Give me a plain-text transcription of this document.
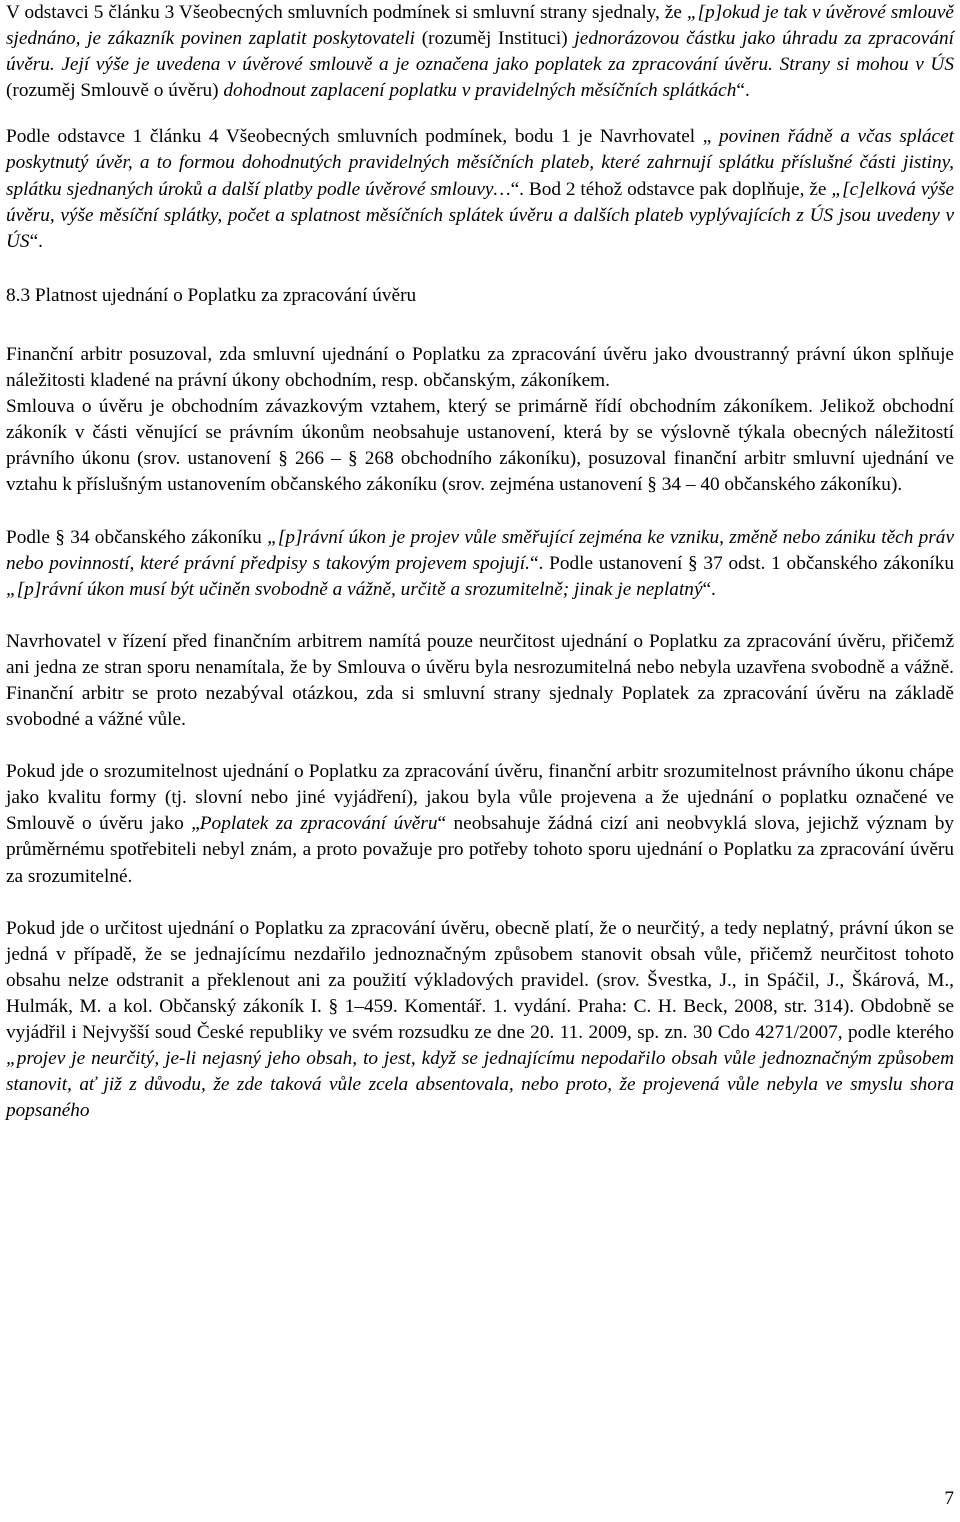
V odstavci 5 článku 3 Všeobecných smluvních podmínek si smluvní strany sjednaly, že „[p]okud je tak v úvěrové smlouvě sjednáno, je zákazník povinen zaplatit poskytovateli (rozuměj Instituci) jednorázovou částku jako úhradu za zpracování úvěru. Její výše je uvedena v úvěrové smlouvě a je označena jako poplatek za zpracování úvěru. Strany si mohou v ÚS (rozuměj Smlouvě o úvěru) dohodnout zaplacení poplatku v pravidelných měsíčních splátkách“.

Podle odstavce 1 článku 4 Všeobecných smluvních podmínek, bodu 1 je Navrhovatel „ povinen řádně a včas splácet poskytnutý úvěr, a to formou dohodnutých pravidelných měsíčních plateb, které zahrnují splátku příslušné části jistiny, splátku sjednaných úroků a další platby podle úvěrové smlouvy…“. Bod 2 téhož odstavce pak doplňuje, že „[c]elková výše úvěru, výše měsíční splátky, počet a splatnost měsíčních splátek úvěru a dalších plateb vyplývajících z ÚS jsou uvedeny v ÚS“.

8.3 Platnost ujednání o Poplatku za zpracování úvěru

Finanční arbitr posuzoval, zda smluvní ujednání o Poplatku za zpracování úvěru jako dvoustranný právní úkon splňuje náležitosti kladené na právní úkony obchodním, resp. občanským, zákoníkem.

Smlouva o úvěru je obchodním závazkovým vztahem, který se primárně řídí obchodním zákoníkem. Jelikož obchodní zákoník v části věnující se právním úkonům neobsahuje ustanovení, která by se výslovně týkala obecných náležitostí právního úkonu (srov. ustanovení § 266 – § 268 obchodního zákoníku), posuzoval finanční arbitr smluvní ujednání ve vztahu k příslušným ustanovením občanského zákoníku (srov. zejména ustanovení § 34 – 40 občanského zákoníku).

Podle § 34 občanského zákoníku „[p]rávní úkon je projev vůle směřující zejména ke vzniku, změně nebo zániku těch práv nebo povinností, které právní předpisy s takovým projevem spojují.“. Podle ustanovení § 37 odst. 1 občanského zákoníku „[p]rávní úkon musí být učiněn svobodně a vážně, určitě a srozumitelně; jinak je neplatný“.

Navrhovatel v řízení před finančním arbitrem namítá pouze neurčitost ujednání o Poplatku za zpracování úvěru, přičemž ani jedna ze stran sporu nenamítala, že by Smlouva o úvěru byla nesrozumitelná nebo nebyla uzavřena svobodně a vážně. Finanční arbitr se proto nezabýval otázkou, zda si smluvní strany sjednaly Poplatek za zpracování úvěru na základě svobodné a vážné vůle.

Pokud jde o srozumitelnost ujednání o Poplatku za zpracování úvěru, finanční arbitr srozumitelnost právního úkonu chápe jako kvalitu formy (tj. slovní nebo jiné vyjádření), jakou byla vůle projevena a že ujednání o poplatku označené ve Smlouvě o úvěru jako „Poplatek za zpracování úvěru“ neobsahuje žádná cizí ani neobvyklá slova, jejichž význam by průměrnému spotřebiteli nebyl znám, a proto považuje pro potřeby tohoto sporu ujednání o Poplatku za zpracování úvěru za srozumitelné.

Pokud jde o určitost ujednání o Poplatku za zpracování úvěru, obecně platí, že o neurčitý, a tedy neplatný, právní úkon se jedná v případě, že se jednajícímu nezdařilo jednoznačným způsobem stanovit obsah vůle, přičemž neurčitost tohoto obsahu nelze odstranit a překlenout ani za použití výkladových pravidel. (srov. Švestka, J., in Spáčil, J., Škárová, M., Hulmák, M. a kol. Občanský zákoník I. § 1–459. Komentář. 1. vydání. Praha: C. H. Beck, 2008, str. 314). Obdobně se vyjádřil i Nejvyšší soud České republiky ve svém rozsudku ze dne 20. 11. 2009, sp. zn. 30 Cdo 4271/2007, podle kterého „projev je neurčitý, je-li nejasný jeho obsah, to jest, když se jednajícímu nepodařilo obsah vůle jednoznačným způsobem stanovit, ať již z důvodu, že zde taková vůle zcela absentovala, nebo proto, že projevená vůle nebyla ve smyslu shora popsaného

7
